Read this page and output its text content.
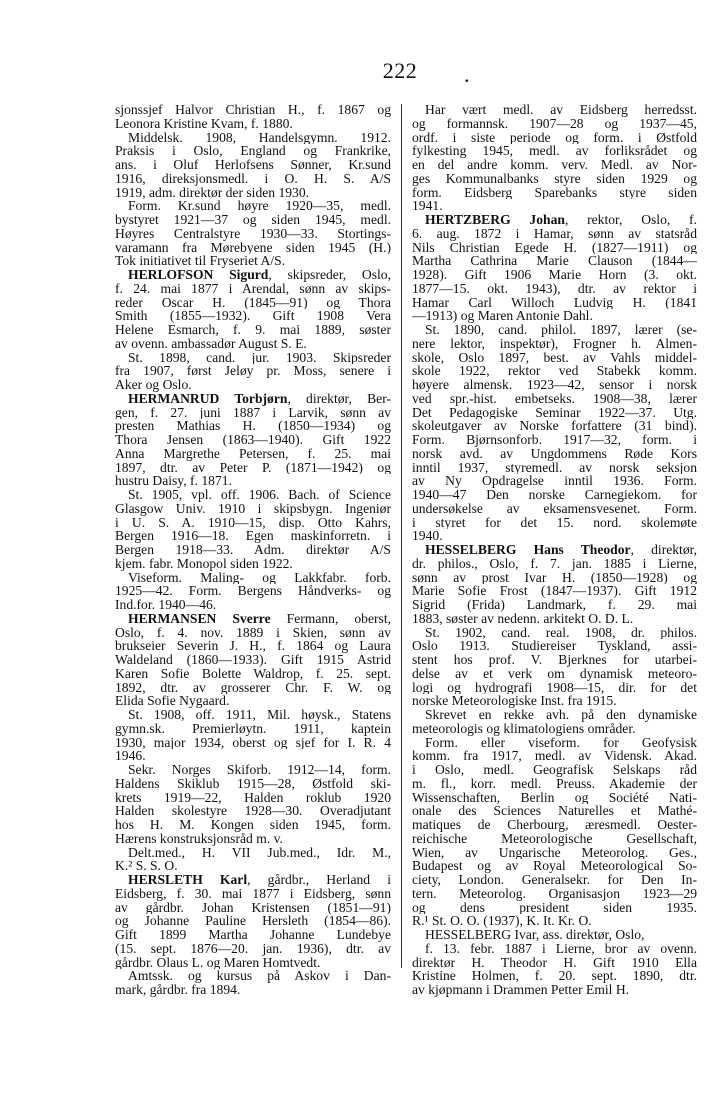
222	.
sjonssjef Halvor Christian H., f. 1867 og
Leonora Kristine Kvam, f. 1880.
Middelsk. 1908, Handelsgymn. 1912.
Praksis i Oslo, England og Frankrike,
ans. i Oluf Herlofsens Sønner, Kr.sund
1916, direksjonsmedl. i O. H. S. A/S
1919, adm. direktør der siden 1930.
Form. Kr.sund høyre 1920—35, medl.
bystyret 1921—37 og siden 1945, medl.
Høyres Centralstyre 1930—33. Stortings-
varamann fra Mørebyene siden 1945 (H.)
Tok initiativet til Fryseriet A/S.
HERLOFSON Sigurd, skipsreder, Oslo,
f. 24. mai 1877 i Arendal, sønn av skips-
reder Oscar H. (1845—91) og Thora
Smith (1855—1932). Gift 1908 Vera
Helene Esmarch, f. 9. mai 1889, søster
av ovenn. ambassadør August S. E.
St. 1898, cand. jur. 1903. Skipsreder
fra 1907, først Jeløy pr. Moss, senere i
Aker og Oslo.
HERMANRUD Torbjørn, direktør, Ber-
gen, f. 27. juni 1887 i Larvik, sønn av
presten Mathias H. (1850—1934) og
Thora Jensen (1863—1940). Gift 1922
Anna Margrethe Petersen, f. 25. mai
1897, dtr. av Peter P. (1871—1942) og
hustru Daisy, f. 1871.
St. 1905, vpl. off. 1906. Bach. of Science
Glasgow Univ. 1910 i skipsbygn. Ingeniør
i U. S. A. 1910—15, disp. Otto Kahrs,
Bergen 1916—18. Egen maskinforretn. i
Bergen 1918—33. Adm. direktør A/S
kjem. fabr. Monopol siden 1922.
Viseform. Maling- og Lakkfabr. forb.
1925—42. Form. Bergens Håndverks- og
Ind.for. 1940—46.
HERMANSEN Sverre Fermann, oberst,
Oslo, f. 4. nov. 1889 i Skien, sønn av
brukseier Severin J. H., f. 1864 og Laura
Waldeland (1860—1933). Gift 1915 Astrid
Karen Sofie Bolette Waldrop, f. 25. sept.
1892, dtr. av grosserer Chr. F. W. og
Elida Sofie Nygaard.
St. 1908, off. 1911, Mil. høysk., Statens
gymn.sk. Premierløytn. 1911, kaptein
1930, major 1934, oberst og sjef for I. R. 4
1946.
Sekr. Norges Skiforb. 1912—14, form.
Haldens Skiklub 1915—28, Østfold ski-
krets 1919—22, Halden roklub 1920
Halden skolestyre 1928—30. Overadjutant
hos H. M. Kongen siden 1945, form.
Hærens konstruksjonsråd m. v.
Delt.med., H. VII Jub.med., Idr. M.,
K.² S. S. O.
HERSLETH Karl, gårdbr., Herland i
Eidsberg, f. 30. mai 1877 i Eidsberg, sønn
av gårdbr. Johan Kristensen (1851—91)
og Johanne Pauline Hersleth (1854—86).
Gift 1899 Martha Johanne Lundebye
(15. sept. 1876—20. jan. 1936), dtr. av
gårdbr. Olaus L. og Maren Homtvedt.
Amtssk. og kursus på Askov i Dan-
mark, gårdbr. fra 1894.
Har vært medl. av Eidsberg herredsst.
og formannsk. 1907—28 og 1937—45,
ordf. i siste periode og form. i Østfold
fylkesting 1945, medl. av forliksrådet og
en del andre komm. verv. Medl. av Nor-
ges Kommunalbanks styre siden 1929 og
form. Eidsberg Sparebanks styre siden
1941.
HERTZBERG Johan, rektor, Oslo, f.
6. aug. 1872 i Hamar, sønn av statsråd
Nils Christian Egede H. (1827—1911) og
Martha Cathrina Marie Clauson (1844—
1928). Gift 1906 Marie Horn (3. okt.
1877—15. okt. 1943), dtr. av rektor i
Hamar Carl Willoch Ludvig H. (1841
—1913) og Maren Antonie Dahl.
St. 1890, cand. philol. 1897, lærer (se-
nere lektor, inspektør), Frogner h. Almen-
skole, Oslo 1897, best. av Vahls middel-
skole 1922, rektor ved Stabekk komm.
høyere almensk. 1923—42, sensor i norsk
ved spr.-hist. embetseks. 1908—38, lærer
Det Pedagogiske Seminar 1922—37. Utg.
skoleutgaver av Norske forfattere (31 bind).
Form. Bjørnsonforb. 1917—32, form. i
norsk avd. av Ungdommens Røde Kors
inntil 1937, styremedl. av norsk seksjon
av Ny Opdragelse inntil 1936. Form.
1940—47 Den norske Carnegiekom. for
undersøkelse av eksamensvesenet. Form.
i styret for det 15. nord. skolemøte
1940.
HESSELBERG Hans Theodor, direktør,
dr. philos., Oslo, f. 7. jan. 1885 i Lierne,
sønn av prost Ivar H. (1850—1928) og
Marie Sofie Frost (1847—1937). Gift 1912
Sigrid (Frida) Landmark, f. 29. mai
1883, søster av nedenn. arkitekt O. D. L.
St. 1902, cand. real. 1908, dr. philos.
Oslo 1913. Studiereiser Tyskland, assi-
stent hos prof. V. Bjerknes for utarbei-
delse av et verk om dynamisk meteoro-
logi og hydrografi 1908—15, dir. for det
norske Meteorologiske Inst. fra 1915.
Skrevet en rekke avh. på den dynamiske
meteorologis og klimatologiens områder.
Form. eller viseform. for Geofysisk
komm. fra 1917, medl. av Vidensk. Akad.
i Oslo, medl. Geografisk Selskaps råd
m. fl., korr. medl. Preuss. Akademie der
Wissenschaften, Berlin og Société Nati-
onale des Sciences Naturelles et Mathé-
matiques de Cherbourg, æresmedl. Oester-
reichische Meteorologische Gesellschaft,
Wien, av Ungarische Meteorolog. Ges.,
Budapest og av Royal Meteorological So-
ciety, London. Generalsekr. for Den In-
tern. Meteorolog. Organisasjon 1923—29
og dens president siden 1935.
R.¹ St. O. O. (1937), K. It. Kr. O.
HESSELBERG Ivar, ass. direktør, Oslo,
f. 13. febr. 1887 i Lierne, bror av ovenn.
direktør H. Theodor H. Gift 1910 Ella
Kristine Holmen, f. 20. sept. 1890, dtr.
av kjøpmann i Drammen Petter Emil H.
